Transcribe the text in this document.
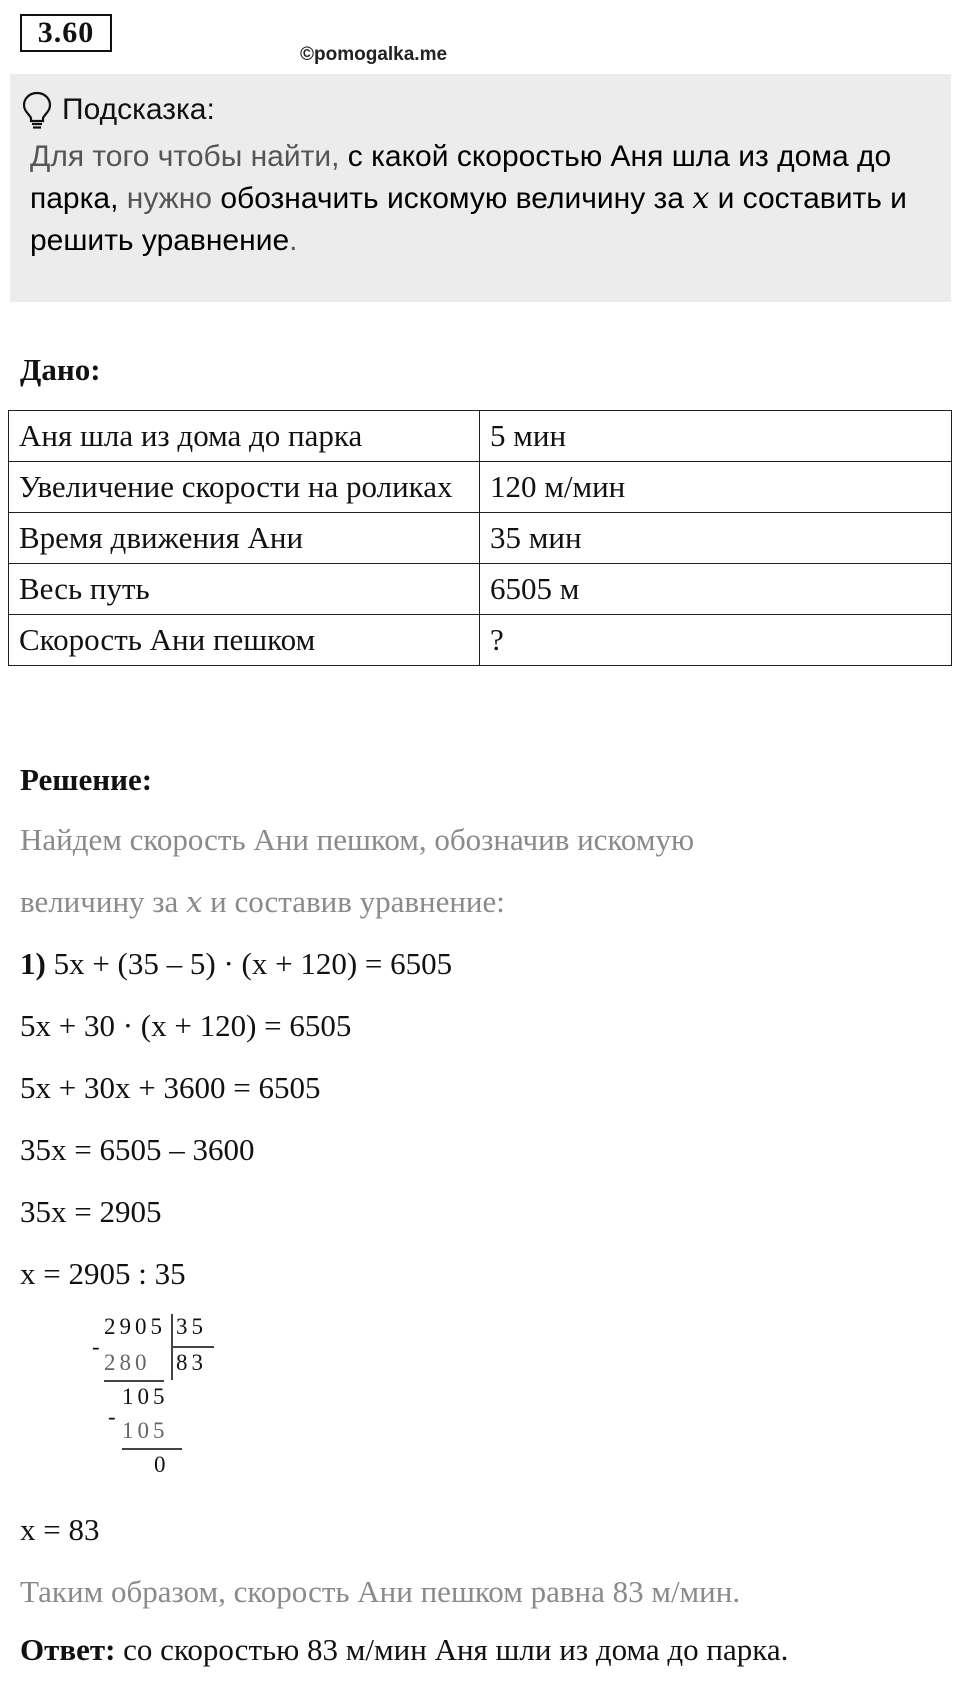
3.60
©pomogalka.me
Подсказка:
Для того чтобы найти, с какой скоростью Аня шла из дома до парка, нужно обозначить искомую величину за x и составить и решить уравнение.
Дано:
Аня шла из дома до парка	5 мин
Увеличение скорости на роликах	120 м/мин
Время движения Ани	35 мин
Весь путь	6505 м
Скорость Ани пешком	?
Решение:
Найдем скорость Ани пешком, обозначив искомую
величину за x и составив уравнение:
1) 5x + (35 – 5) · (x + 120) = 6505
5x + 30 · (x + 120) = 6505
5x + 30x + 3600 = 6505
35x = 6505 – 3600
35x = 2905
x = 2905 : 35
2905 35
83
-
280
105
-
105
0
x = 83
Таким образом, скорость Ани пешком равна 83 м/мин.
Ответ: со скоростью 83 м/мин Аня шли из дома до парка.
